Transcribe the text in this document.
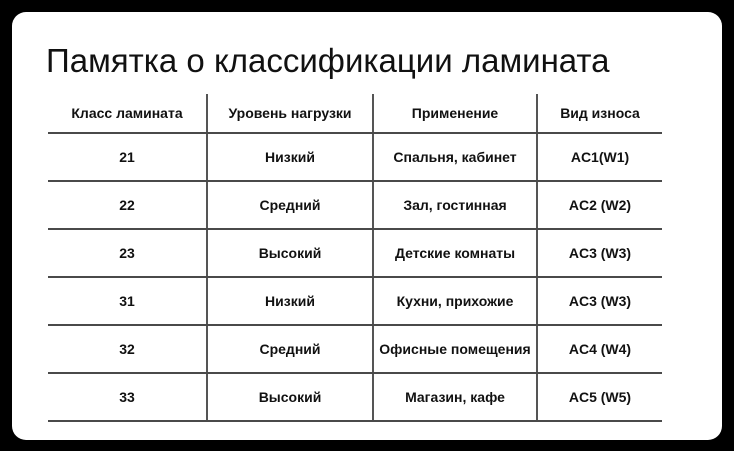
Памятка о классификации ламината
Класс ламината	Уровень нагрузки	Применение	Вид износа
21	Низкий	Спальня, кабинет	AC1(W1)
22	Средний	Зал, гостинная	AC2 (W2)
23	Высокий	Детские комнаты	AC3 (W3)
31	Низкий	Кухни, прихожие	AC3 (W3)
32	Средний	Офисные помещения	AC4 (W4)
33	Высокий	Магазин, кафе	AC5 (W5)
